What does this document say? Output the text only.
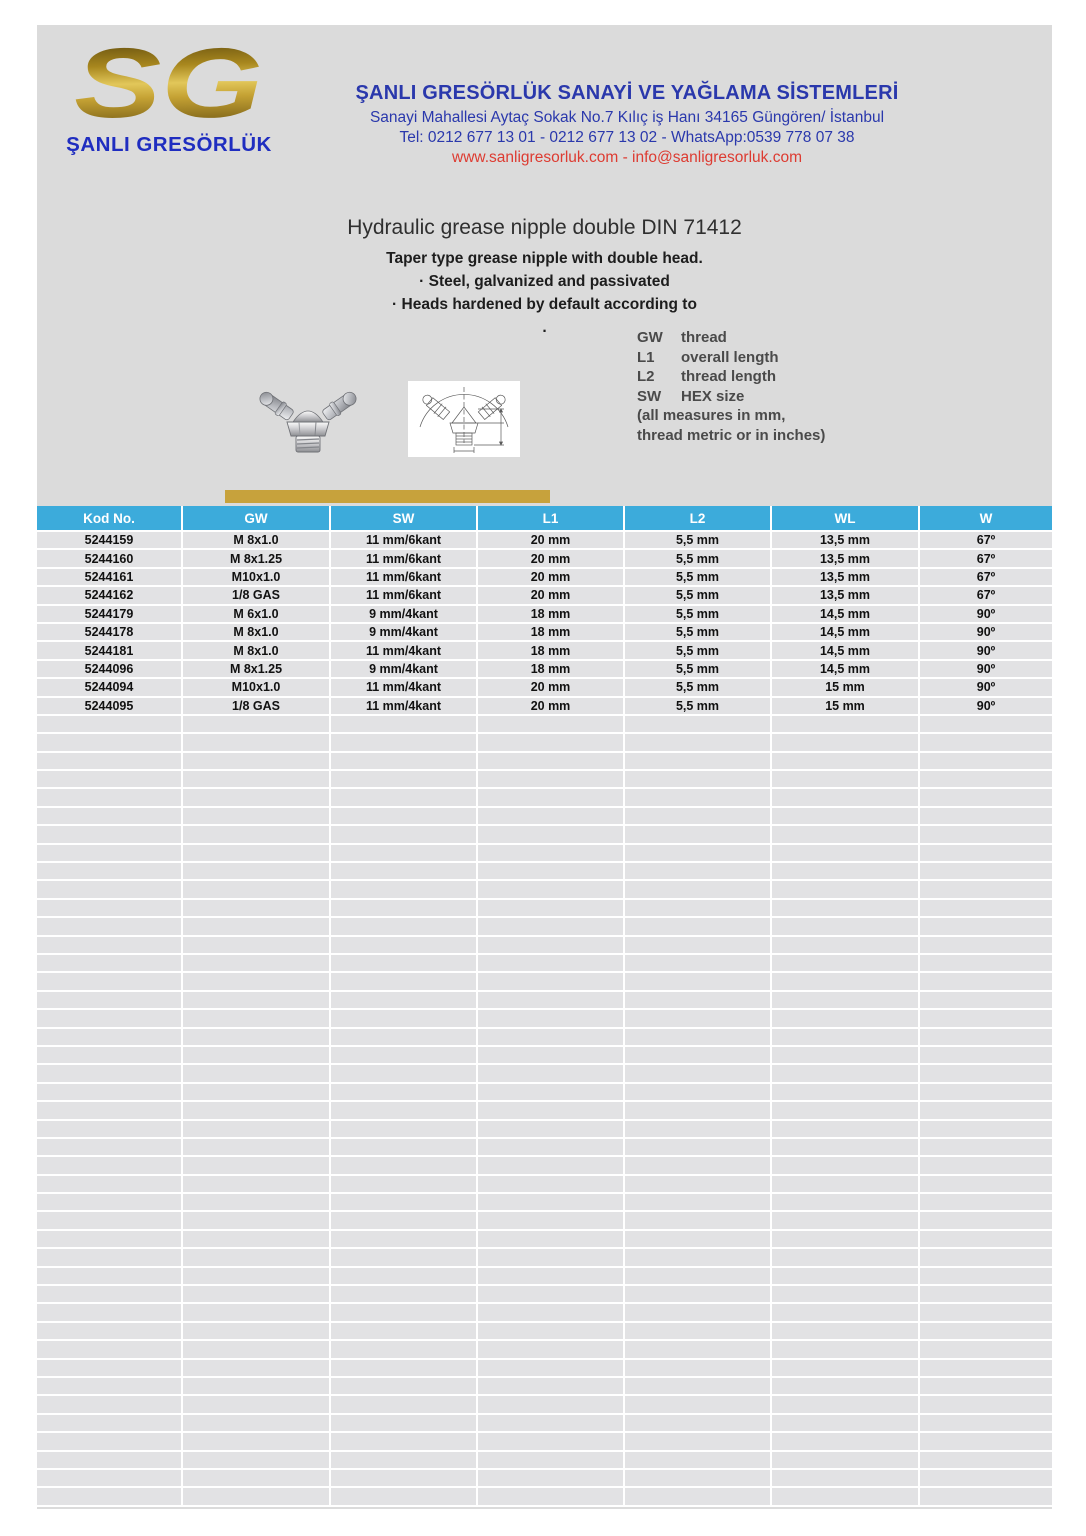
SG
ŞANLI GRESÖRLÜK
ŞANLI GRESÖRLÜK SANAYİ VE YAĞLAMA SİSTEMLERİ
Sanayi Mahallesi Aytaç Sokak No.7 Kılıç iş Hanı 34165 Güngören/ İstanbul
Tel: 0212 677 13 01 - 0212 677 13 02 - WhatsApp:0539 778 07 38
www.sanligresorluk.com - info@sanligresorluk.com
Hydraulic grease nipple double DIN 71412
Taper type grease nipple with double head.
· Steel, galvanized and passivated
· Heads hardened by default according to
.
GW	thread
L1	overall length
L2	thread length
SW	HEX size
(all measures in mm,
thread metric or in inches)
Kod No.	GW	SW	L1	L2	WL	W
5244159	M 8x1.0	11 mm/6kant	20 mm	5,5 mm	13,5 mm	67º
5244160	M 8x1.25	11 mm/6kant	20 mm	5,5 mm	13,5 mm	67º
5244161	M10x1.0	11 mm/6kant	20 mm	5,5 mm	13,5 mm	67º
5244162	1/8 GAS	11 mm/6kant	20 mm	5,5 mm	13,5 mm	67º
5244179	M 6x1.0	9 mm/4kant	18 mm	5,5 mm	14,5 mm	90º
5244178	M 8x1.0	9 mm/4kant	18 mm	5,5 mm	14,5 mm	90º
5244181	M 8x1.0	11 mm/4kant	18 mm	5,5 mm	14,5 mm	90º
5244096	M 8x1.25	9 mm/4kant	18 mm	5,5 mm	14,5 mm	90º
5244094	M10x1.0	11 mm/4kant	20 mm	5,5 mm	15 mm	90º
5244095	1/8 GAS	11 mm/4kant	20 mm	5,5 mm	15 mm	90º
